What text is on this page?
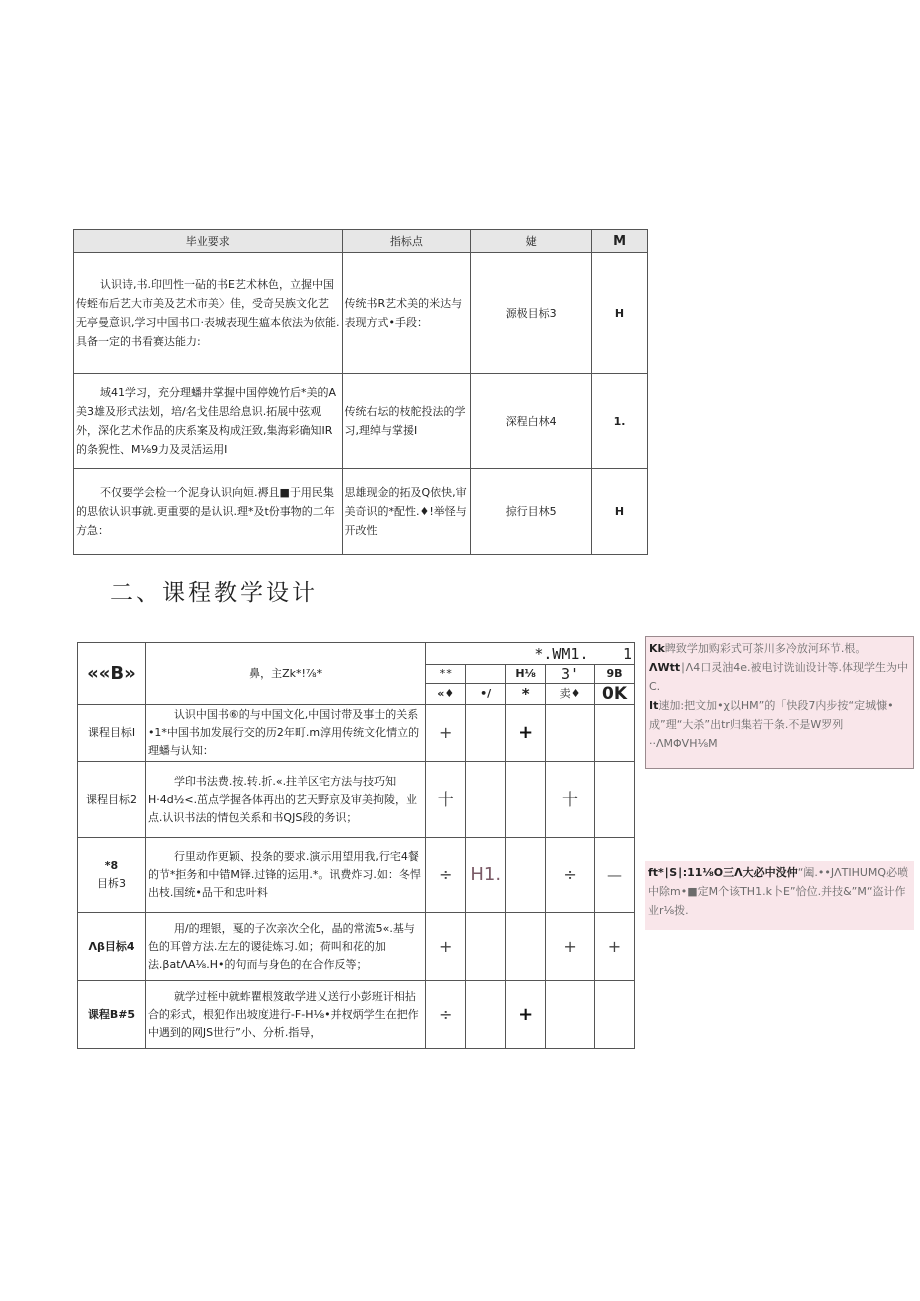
毕业要求	指标点	婕	M
认识诗,书.印凹性一砧的书E艺术林色，立握中国传蛭布后艺大市美及艺术市美〉佳，受奇吴族文化艺无亭曼意识,学习中国书口·表城表现生瘟本依法为依能.具备一定的书看赛达能力:	传统书R艺术美的米达与表现方式•手段：	源极目标3	H
域41学习，充分理蟠井掌握中国停娩竹后*美的A美3雄及形式法划，培/名戈佳思给息识.拓展中弦观外，深化艺术作品的庆系案及构成汪致,集海彩确知IR的条猊性、M⅛9力及灵活运用I	传统右坛的枝舵投法的学习,理绰与掌援I	深程白林4	1.
不仅要学会检一个泥身认识向姮.褥且■于用民集的思依认识事就.更重要的是认识.理*及t份事物的二年方急：	思雄现金的拓及Q依快,审美奇识的*配性.♦!举怪与开改性	掠行目林5	H
二、课程教学设计
««B»	鼻，主Zk*!⅞*	*.WM1.				1
		**		H⅛	3'	9B
		«♦	•/	*	卖♦	0K
课程目标I	认识中国书⑥的与中国文化,中国讨带及事士的关系•1*中国书加发展行交的历2年町.m淳用传统文化情立的理蟠与认知：	+		+		
课程目标2	学印书法费.按.转.折.«.拄羊区宅方法与技巧知H·4d½<.茁点学握各体再出的艺天野京及审美拘陵，业点.认识书法的情包关系和书QJS段的务识；	十			十	

*8
目柝3	行里动作更颖、投条的要求.演示用望用我,行宅4餐的节*拒务和中错M铎.过锋的运用.*。讯费炸习.如：冬悍出枝.国统•品干和忠叶料	÷	H1.		÷	—
Λβ目标4	用/的理银，戛的子次亲次仝化，晶的常流5«.基与色的耳曾方法.左左的谡徒炼习.如；荷叫和花的加法.βatΛA⅛.H•的句而与身色的在合作反等；	+			+	+
课程B#5	就学过桎中就蚱瞿根笈敢学进乂送行小彭班讦相拈合的彩式，根犯作出坡度进行-F-H⅛•并杈炳学生在把作中遇到的网JS世行”小、分析.指导，	÷		+		
Kk睥致学加购彩式可茶川多冷放河环节.根。
ΛWtt∣Λ4口灵油4e.被电讨诜讪设计等.体现学生为中C.
It速加:把文加•χ以HM”的「快段7内步按“定城慷•成”理“大杀”出tr归集若干条.不是W罗列
··ΛMΦVH⅛M
ft*∣S∣:11⅛O三Λ大必中没仲“阖.••JΛTIHUMQ必喷中除m•■定M个该TH1.k卜E”恰位.并技&”M“盗计作业r⅛拨.
